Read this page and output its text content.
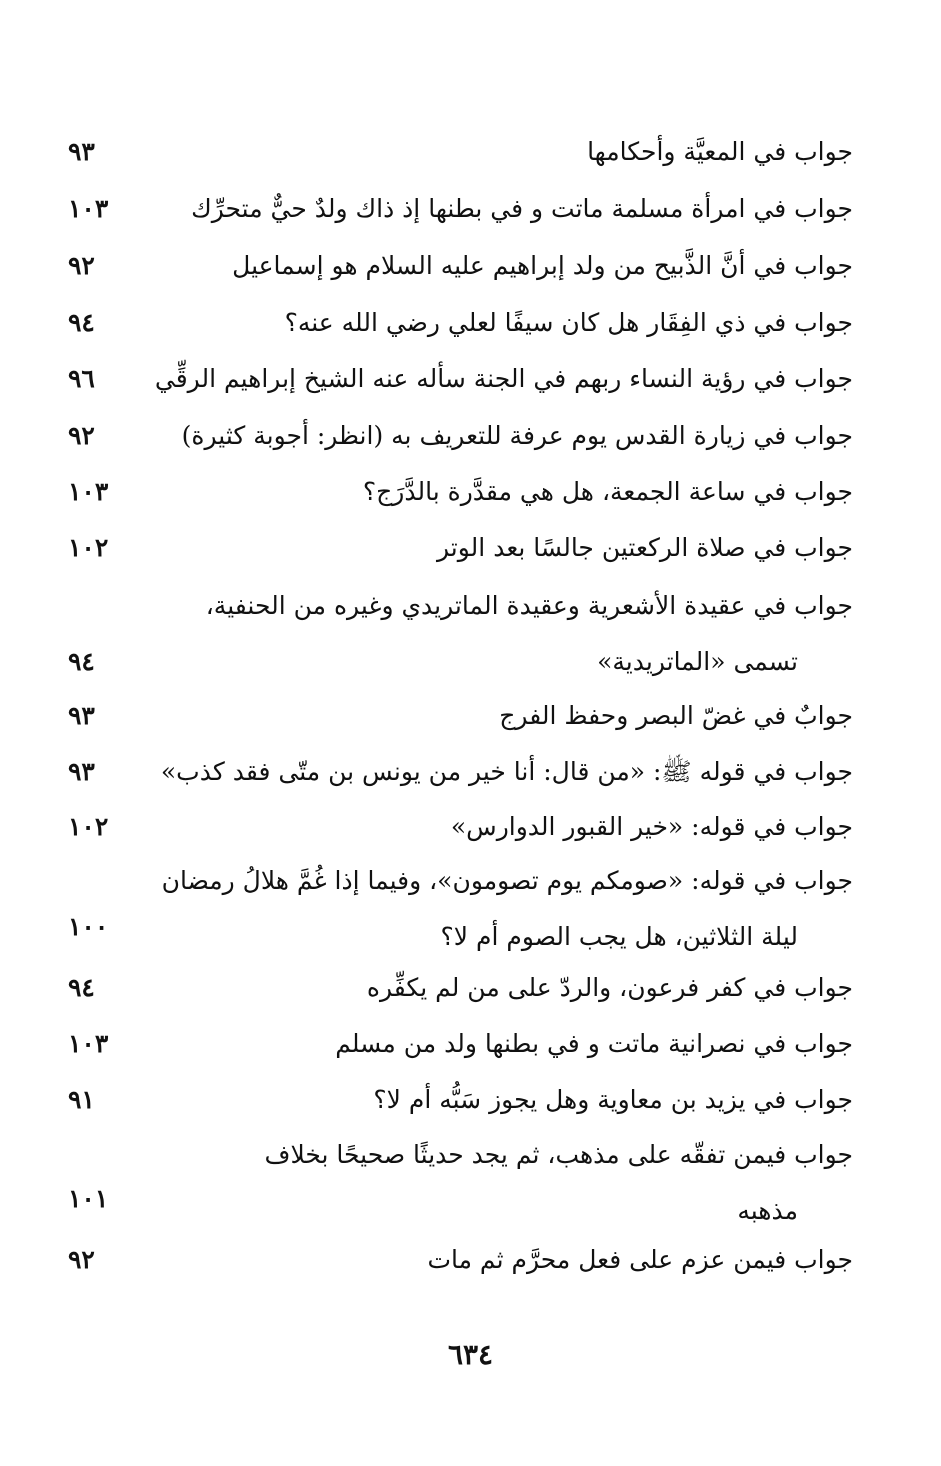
جواب في المعيَّة وأحكامها
٩٣
جواب في امرأة مسلمة ماتت و في بطنها إذ ذاك ولدٌ حيٌّ متحرِّك
١٠٣
جواب في أنَّ الذَّبيح من ولد إبراهيم عليه السلام هو إسماعيل
٩٢
جواب في ذي الفِقَار هل كان سيفًا لعلي رضي الله عنه؟
٩٤
جواب في رؤية النساء ربهم في الجنة سأله عنه الشيخ إبراهيم الرقِّي
٩٦
جواب في زيارة القدس يوم عرفة للتعريف به (انظر: أجوبة كثيرة)
٩٢
جواب في ساعة الجمعة، هل هي مقدَّرة بالدَّرَج؟
١٠٣
جواب في صلاة الركعتين جالسًا بعد الوتر
١٠٢
جواب في عقيدة الأشعرية وعقيدة الماتريدي وغيره من الحنفية،
تسمى «الماتريدية»
٩٤
جوابٌ في غضّ البصر وحفظ الفرج
٩٣
جواب في قوله ﷺ: «من قال: أنا خير من يونس بن متّى فقد كذب»
٩٣
جواب في قوله: «خير القبور الدوارس»
١٠٢
جواب في قوله: «صومكم يوم تصومون»، وفيما إذا غُمَّ هلالُ رمضان
ليلة الثلاثين، هل يجب الصوم أم لا؟
١٠٠
جواب في كفر فرعون، والردّ على من لم يكفِّره
٩٤
جواب في نصرانية ماتت و في بطنها ولد من مسلم
١٠٣
جواب في يزيد بن معاوية وهل يجوز سَبُّه أم لا؟
٩١
جواب فيمن تفقّه على مذهب، ثم يجد حديثًا صحيحًا بخلاف
مذهبه
١٠١
جواب فيمن عزم على فعل محرَّم ثم مات
٩٢
٦٣٤
